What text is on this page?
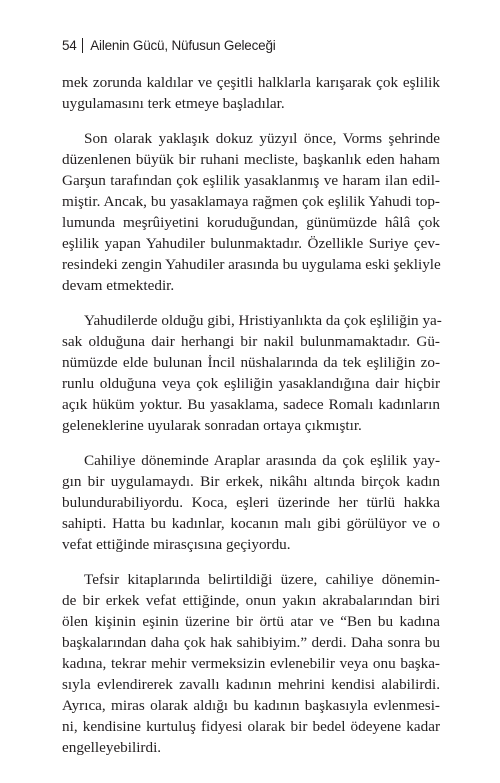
54 Ailenin Gücü, Nüfusun Geleceği

mek zorunda kaldılar ve çeşitli halklarla karışarak çok eşlilik
uygulamasını terk etmeye başladılar.

Son olarak yaklaşık dokuz yüzyıl önce, Vorms şehrinde
düzenlenen büyük bir ruhani mecliste, başkanlık eden haham
Garşun tarafından çok eşlilik yasaklanmış ve haram ilan edil-
miştir. Ancak, bu yasaklamaya rağmen çok eşlilik Yahudi top-
lumunda meşrûiyetini koruduğundan, günümüzde hâlâ çok
eşlilik yapan Yahudiler bulunmaktadır. Özellikle Suriye çev-
resindeki zengin Yahudiler arasında bu uygulama eski şekliyle
devam etmektedir.

Yahudilerde olduğu gibi, Hristiyanlıkta da çok eşliliğin ya-
sak olduğuna dair herhangi bir nakil bulunmamaktadır. Gü-
nümüzde elde bulunan İncil nüshalarında da tek eşliliğin zo-
runlu olduğuna veya çok eşliliğin yasaklandığına dair hiçbir
açık hüküm yoktur. Bu yasaklama, sadece Romalı kadınların
geleneklerine uyularak sonradan ortaya çıkmıştır.

Cahiliye döneminde Araplar arasında da çok eşlilik yay-
gın bir uygulamaydı. Bir erkek, nikâhı altında birçok kadın
bulundurabiliyordu. Koca, eşleri üzerinde her türlü hakka
sahipti. Hatta bu kadınlar, kocanın malı gibi görülüyor ve o
vefat ettiğinde mirasçısına geçiyordu.

Tefsir kitaplarında belirtildiği üzere, cahiliye dönemin-
de bir erkek vefat ettiğinde, onun yakın akrabalarından biri
ölen kişinin eşinin üzerine bir örtü atar ve “Ben bu kadına
başkalarından daha çok hak sahibiyim.” derdi. Daha sonra bu
kadına, tekrar mehir vermeksizin evlenebilir veya onu başka-
sıyla evlendirerek zavallı kadının mehrini kendisi alabilirdi.
Ayrıca, miras olarak aldığı bu kadının başkasıyla evlenmesi-
ni, kendisine kurtuluş fidyesi olarak bir bedel ödeyene kadar
engelleyebilirdi.
